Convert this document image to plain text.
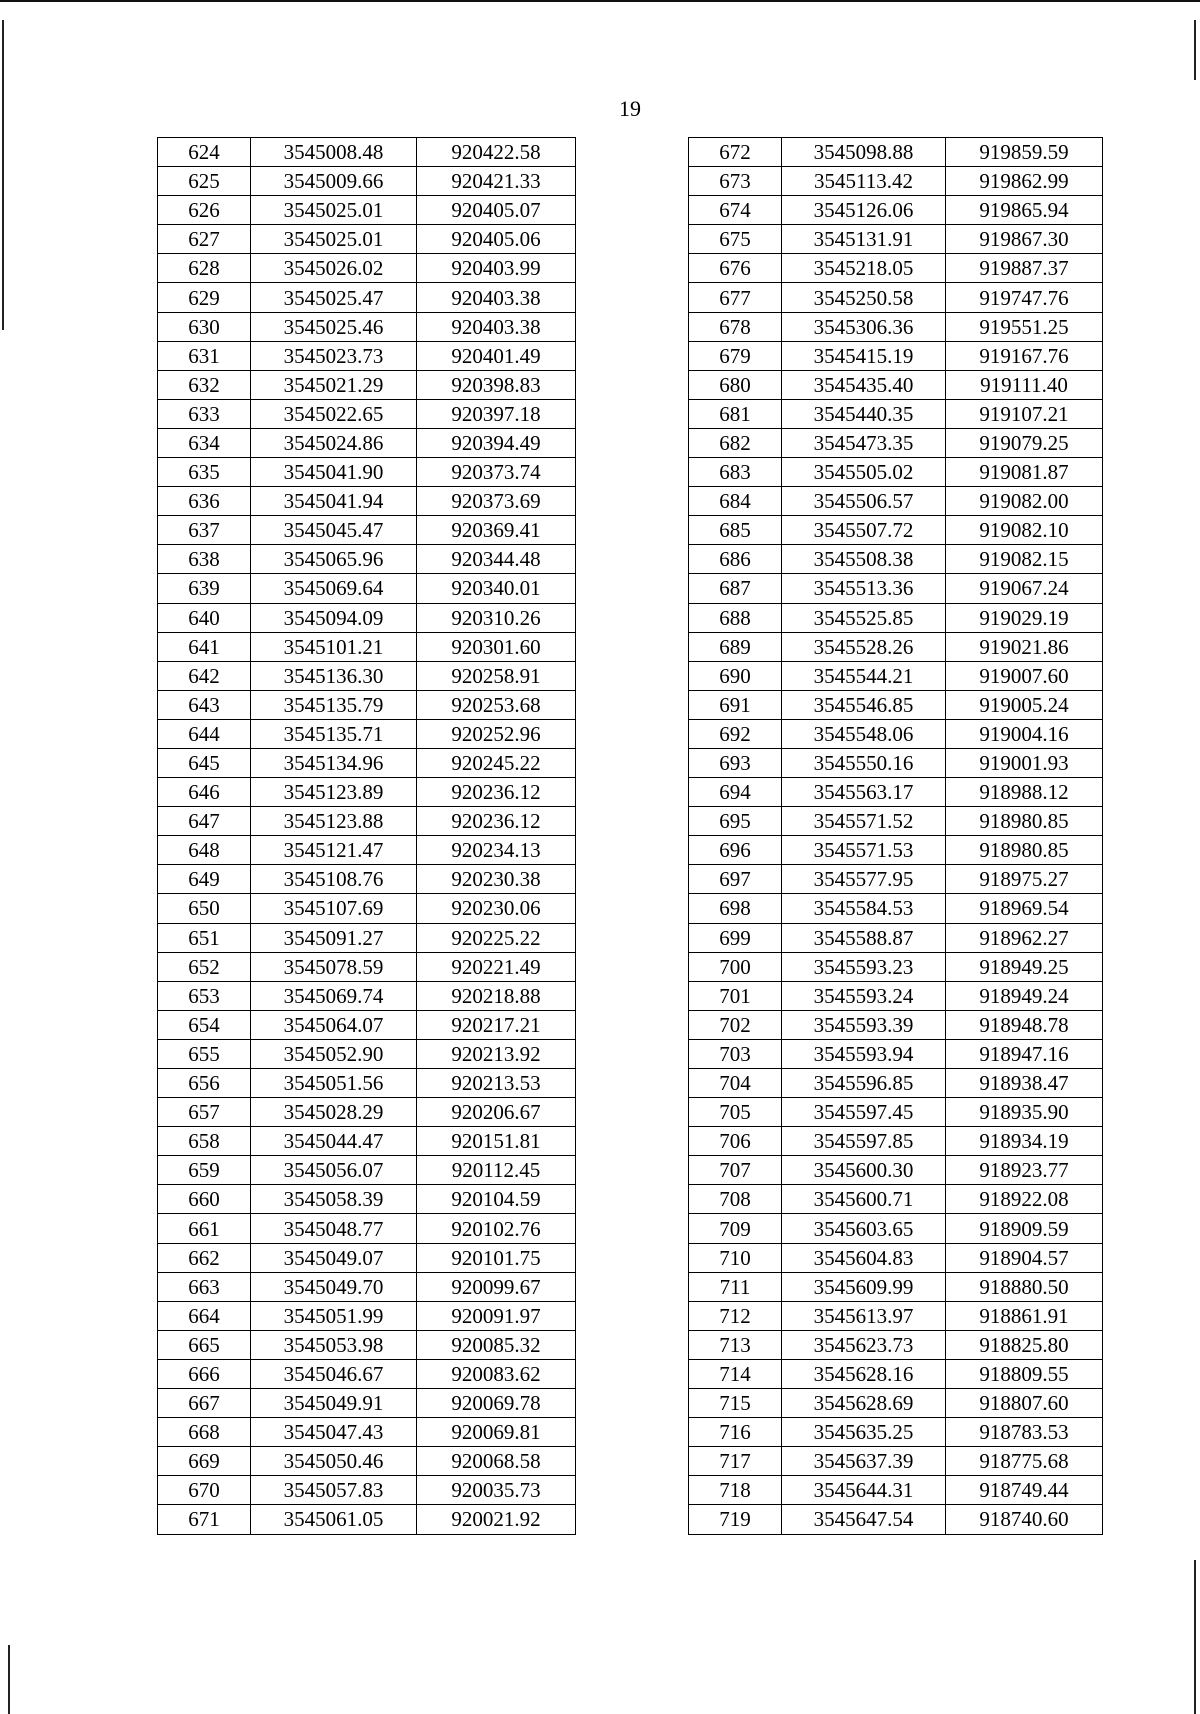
19
624	3545008.48	920422.58
625	3545009.66	920421.33
626	3545025.01	920405.07
627	3545025.01	920405.06
628	3545026.02	920403.99
629	3545025.47	920403.38
630	3545025.46	920403.38
631	3545023.73	920401.49
632	3545021.29	920398.83
633	3545022.65	920397.18
634	3545024.86	920394.49
635	3545041.90	920373.74
636	3545041.94	920373.69
637	3545045.47	920369.41
638	3545065.96	920344.48
639	3545069.64	920340.01
640	3545094.09	920310.26
641	3545101.21	920301.60
642	3545136.30	920258.91
643	3545135.79	920253.68
644	3545135.71	920252.96
645	3545134.96	920245.22
646	3545123.89	920236.12
647	3545123.88	920236.12
648	3545121.47	920234.13
649	3545108.76	920230.38
650	3545107.69	920230.06
651	3545091.27	920225.22
652	3545078.59	920221.49
653	3545069.74	920218.88
654	3545064.07	920217.21
655	3545052.90	920213.92
656	3545051.56	920213.53
657	3545028.29	920206.67
658	3545044.47	920151.81
659	3545056.07	920112.45
660	3545058.39	920104.59
661	3545048.77	920102.76
662	3545049.07	920101.75
663	3545049.70	920099.67
664	3545051.99	920091.97
665	3545053.98	920085.32
666	3545046.67	920083.62
667	3545049.91	920069.78
668	3545047.43	920069.81
669	3545050.46	920068.58
670	3545057.83	920035.73
671	3545061.05	920021.92
672	3545098.88	919859.59
673	3545113.42	919862.99
674	3545126.06	919865.94
675	3545131.91	919867.30
676	3545218.05	919887.37
677	3545250.58	919747.76
678	3545306.36	919551.25
679	3545415.19	919167.76
680	3545435.40	919111.40
681	3545440.35	919107.21
682	3545473.35	919079.25
683	3545505.02	919081.87
684	3545506.57	919082.00
685	3545507.72	919082.10
686	3545508.38	919082.15
687	3545513.36	919067.24
688	3545525.85	919029.19
689	3545528.26	919021.86
690	3545544.21	919007.60
691	3545546.85	919005.24
692	3545548.06	919004.16
693	3545550.16	919001.93
694	3545563.17	918988.12
695	3545571.52	918980.85
696	3545571.53	918980.85
697	3545577.95	918975.27
698	3545584.53	918969.54
699	3545588.87	918962.27
700	3545593.23	918949.25
701	3545593.24	918949.24
702	3545593.39	918948.78
703	3545593.94	918947.16
704	3545596.85	918938.47
705	3545597.45	918935.90
706	3545597.85	918934.19
707	3545600.30	918923.77
708	3545600.71	918922.08
709	3545603.65	918909.59
710	3545604.83	918904.57
711	3545609.99	918880.50
712	3545613.97	918861.91
713	3545623.73	918825.80
714	3545628.16	918809.55
715	3545628.69	918807.60
716	3545635.25	918783.53
717	3545637.39	918775.68
718	3545644.31	918749.44
719	3545647.54	918740.60
